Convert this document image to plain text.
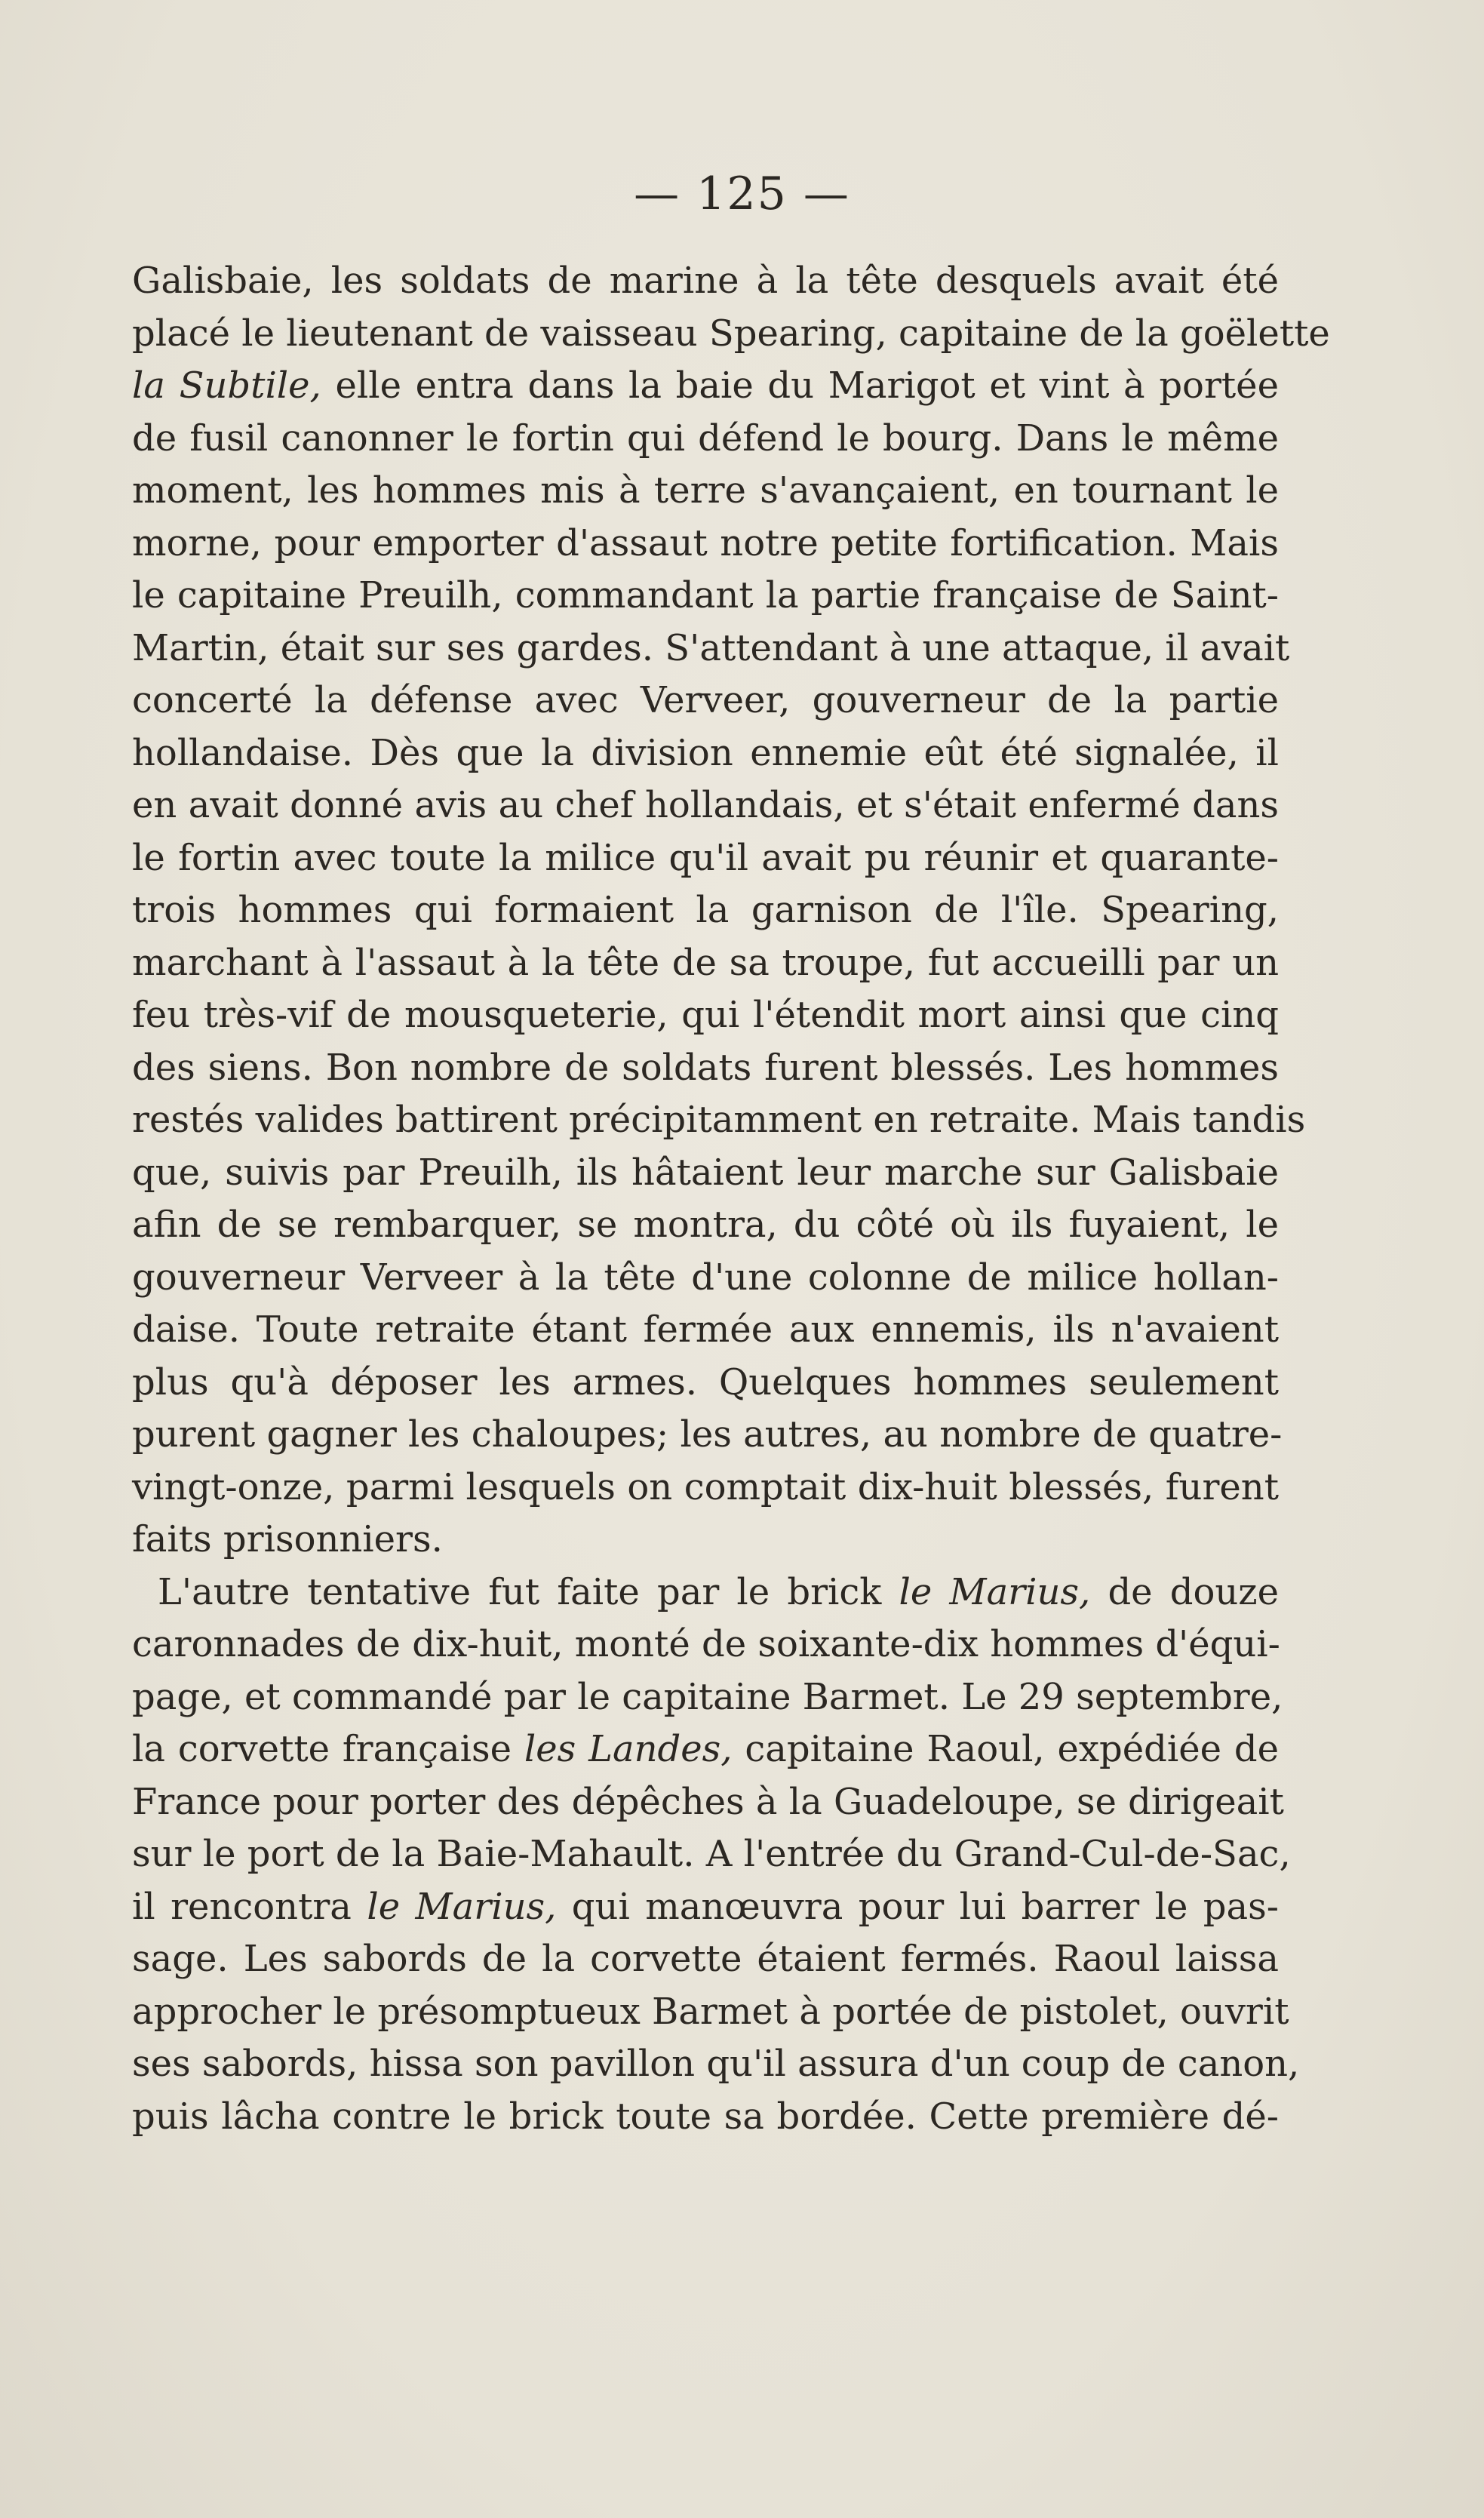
— 125 —
Galisbaie, les soldats de marine à la tête desquels avait été
placé le lieutenant de vaisseau Spearing, capitaine de la goëlette
la Subtile, elle entra dans la baie du Marigot et vint à portée
de fusil canonner le fortin qui défend le bourg. Dans le même
moment, les hommes mis à terre s'avançaient, en tournant le
morne, pour emporter d'assaut notre petite fortification. Mais
le capitaine Preuilh, commandant la partie française de Saint-
Martin, était sur ses gardes. S'attendant à une attaque, il avait
concerté la défense avec Verveer, gouverneur de la partie
hollandaise. Dès que la division ennemie eût été signalée, il
en avait donné avis au chef hollandais, et s'était enfermé dans
le fortin avec toute la milice qu'il avait pu réunir et quarante-
trois hommes qui formaient la garnison de l'île. Spearing,
marchant à l'assaut à la tête de sa troupe, fut accueilli par un
feu très-vif de mousqueterie, qui l'étendit mort ainsi que cinq
des siens. Bon nombre de soldats furent blessés. Les hommes
restés valides battirent précipitamment en retraite. Mais tandis
que, suivis par Preuilh, ils hâtaient leur marche sur Galisbaie
afin de se rembarquer, se montra, du côté où ils fuyaient, le
gouverneur Verveer à la tête d'une colonne de milice hollan-
daise. Toute retraite étant fermée aux ennemis, ils n'avaient
plus qu'à déposer les armes. Quelques hommes seulement
purent gagner les chaloupes; les autres, au nombre de quatre-
vingt-onze, parmi lesquels on comptait dix-huit blessés, furent
faits prisonniers.
L'autre tentative fut faite par le brick le Marius, de douze
caronnades de dix-huit, monté de soixante-dix hommes d'équi-
page, et commandé par le capitaine Barmet. Le 29 septembre,
la corvette française les Landes, capitaine Raoul, expédiée de
France pour porter des dépêches à la Guadeloupe, se dirigeait
sur le port de la Baie-Mahault. A l'entrée du Grand-Cul-de-Sac,
il rencontra le Marius, qui manœuvra pour lui barrer le pas-
sage. Les sabords de la corvette étaient fermés. Raoul laissa
approcher le présomptueux Barmet à portée de pistolet, ouvrit
ses sabords, hissa son pavillon qu'il assura d'un coup de canon,
puis lâcha contre le brick toute sa bordée. Cette première dé-
